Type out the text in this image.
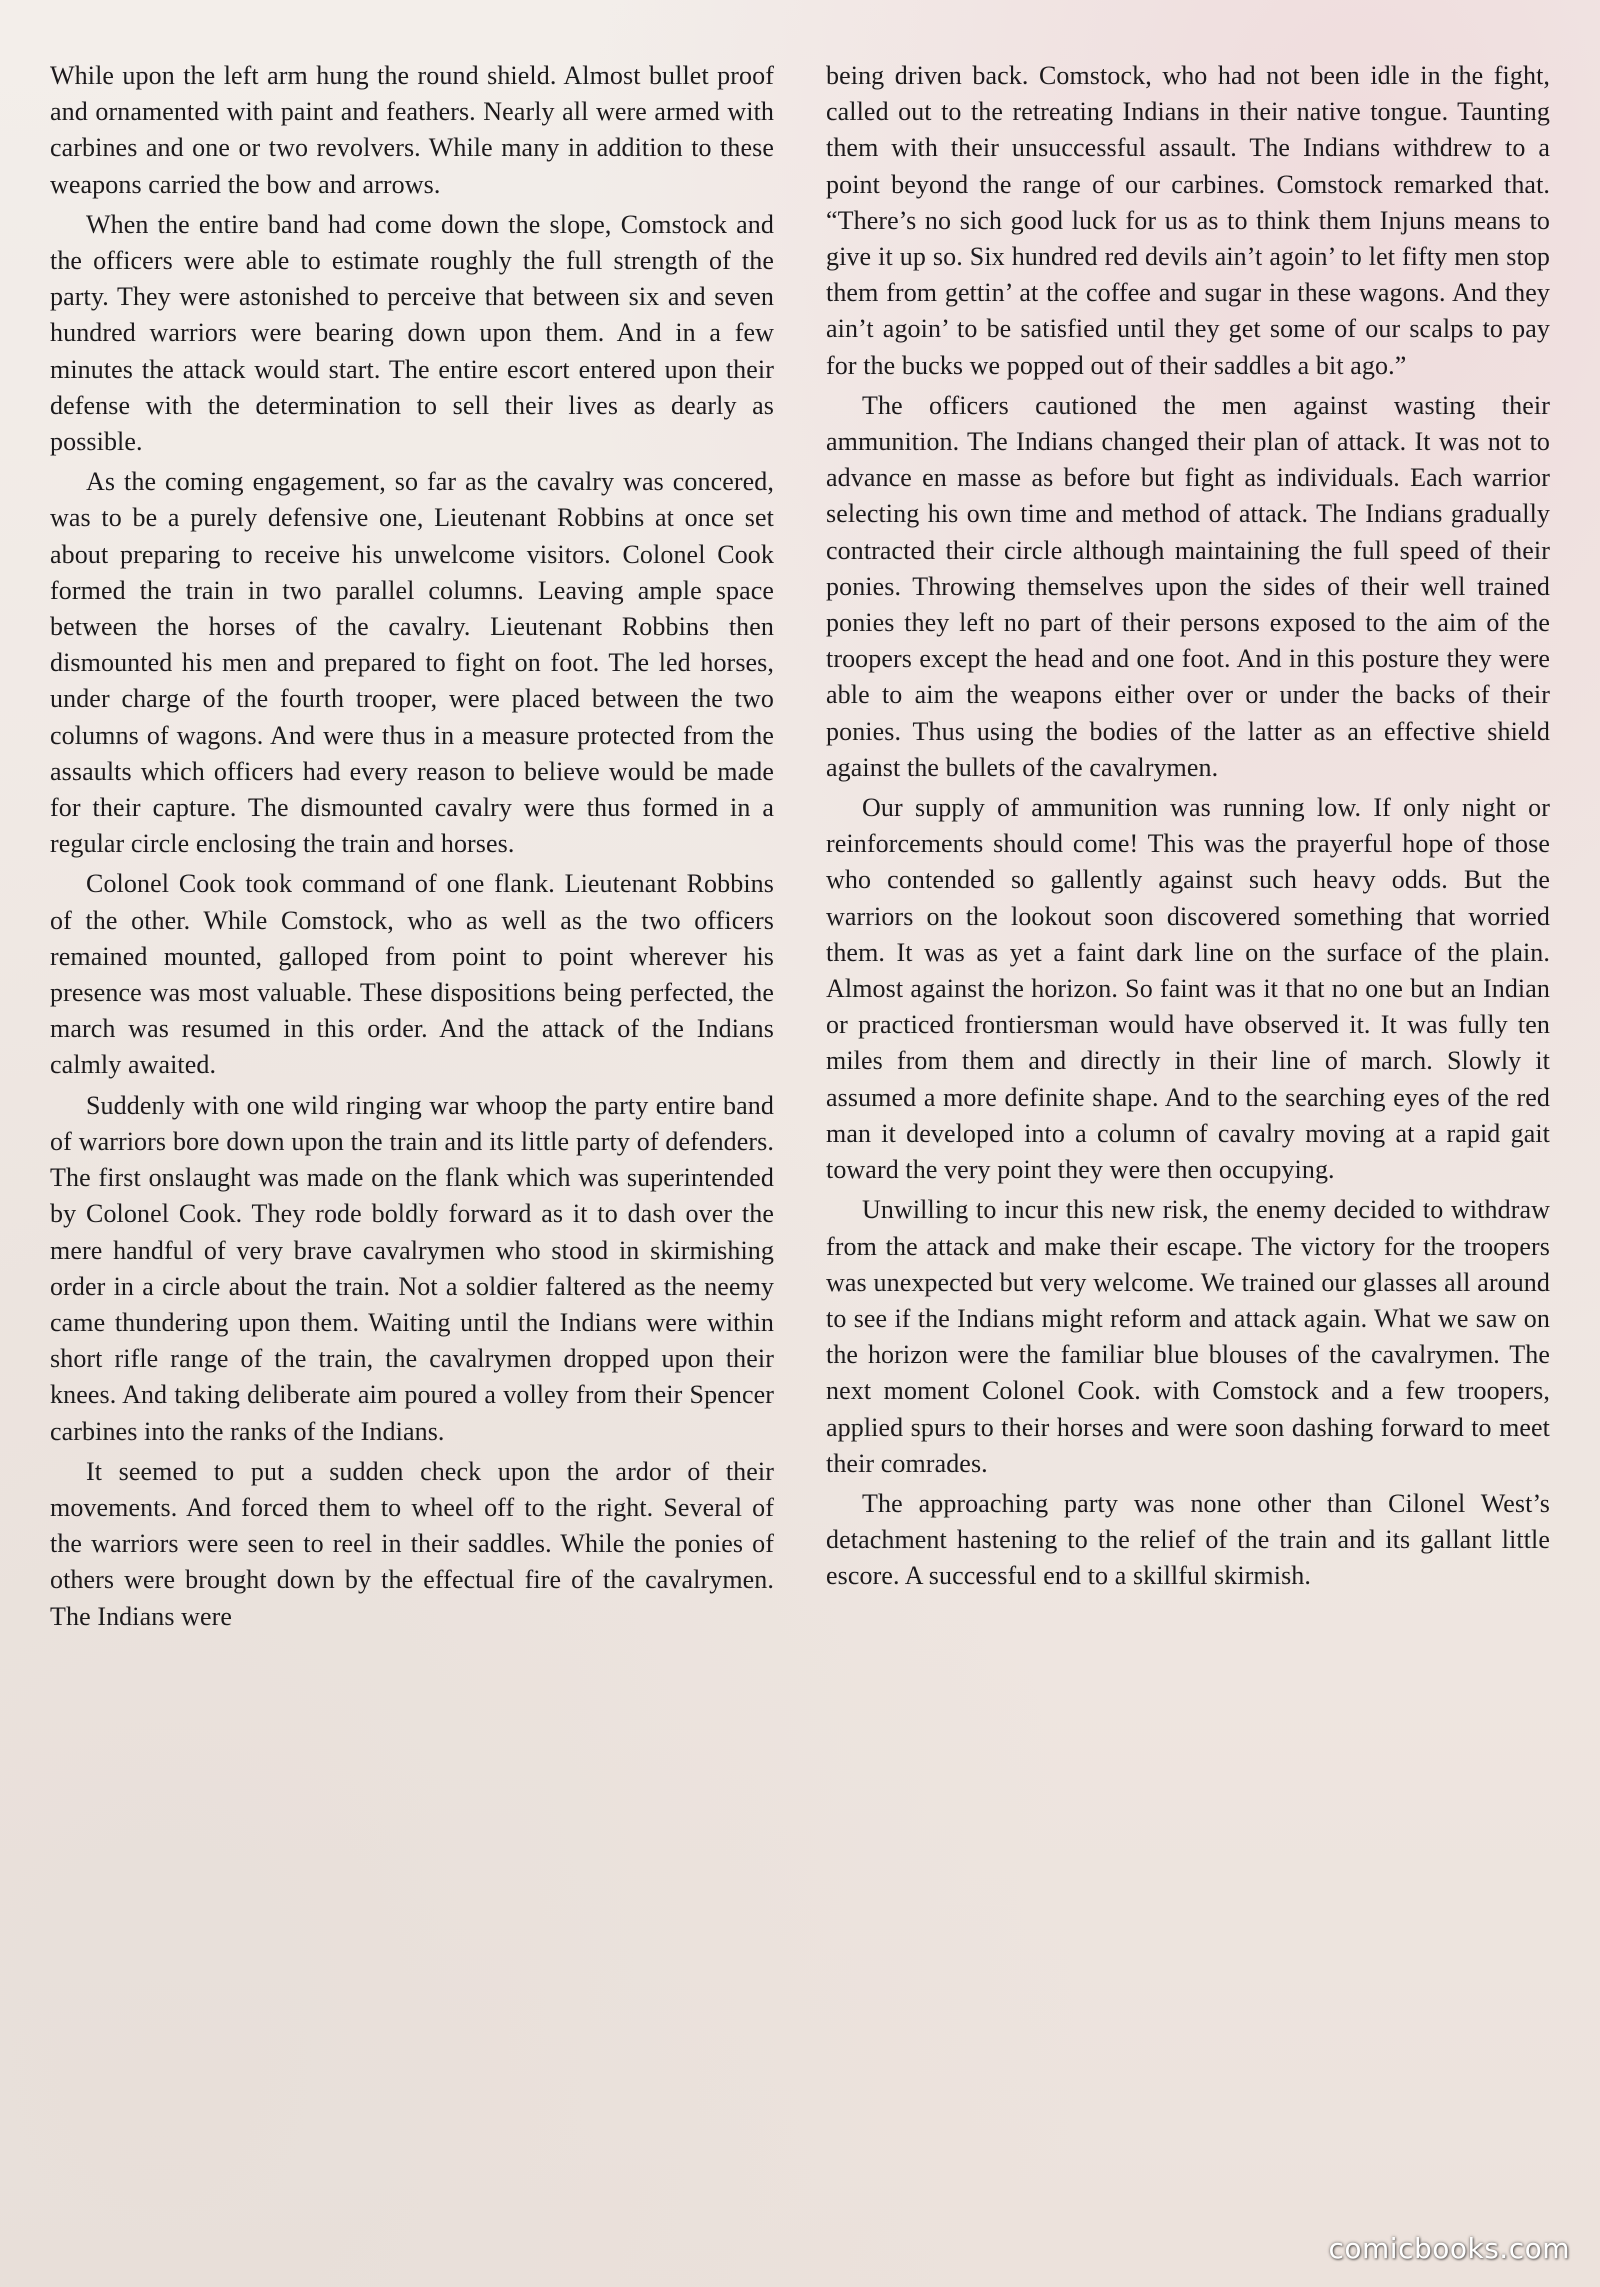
While upon the left arm hung the round shield. Almost bullet proof and ornamented with paint and feathers. Nearly all were armed with carbines and one or two revolvers. While many in addition to these weapons carried the bow and arrows.

When the entire band had come down the slope, Comstock and the officers were able to estimate roughly the full strength of the party. They were astonished to perceive that between six and seven hundred warriors were bearing down upon them. And in a few minutes the attack would start. The entire escort entered upon their defense with the determination to sell their lives as dearly as possible.

As the coming engagement, so far as the cavalry was concered, was to be a purely defensive one, Lieutenant Robbins at once set about preparing to receive his unwelcome visitors. Colonel Cook formed the train in two parallel columns. Leaving ample space between the horses of the cavalry. Lieutenant Robbins then dismounted his men and prepared to fight on foot. The led horses, under charge of the fourth trooper, were placed between the two columns of wagons. And were thus in a measure protected from the assaults which officers had every reason to believe would be made for their capture. The dismounted cavalry were thus formed in a regular circle enclosing the train and horses.

Colonel Cook took command of one flank. Lieutenant Robbins of the other. While Comstock, who as well as the two officers remained mounted, galloped from point to point wherever his presence was most valuable. These dispositions being perfected, the march was resumed in this order. And the attack of the Indians calmly awaited.

Suddenly with one wild ringing war whoop the party entire band of warriors bore down upon the train and its little party of defenders. The first onslaught was made on the flank which was superintended by Colonel Cook. They rode boldly forward as it to dash over the mere handful of very brave cavalrymen who stood in skirmishing order in a circle about the train. Not a soldier faltered as the neemy came thundering upon them. Waiting until the Indians were within short rifle range of the train, the cavalrymen dropped upon their knees. And taking deliberate aim poured a volley from their Spencer carbines into the ranks of the Indians.

It seemed to put a sudden check upon the ardor of their movements. And forced them to wheel off to the right. Several of the warriors were seen to reel in their saddles. While the ponies of others were brought down by the effectual fire of the cavalrymen. The Indians were

being driven back. Comstock, who had not been idle in the fight, called out to the retreating Indians in their native tongue. Taunting them with their unsuccessful assault. The Indians withdrew to a point beyond the range of our carbines. Comstock remarked that. “There’s no sich good luck for us as to think them Injuns means to give it up so. Six hundred red devils ain’t agoin’ to let fifty men stop them from gettin’ at the coffee and sugar in these wagons. And they ain’t agoin’ to be satisfied until they get some of our scalps to pay for the bucks we popped out of their saddles a bit ago.”

The officers cautioned the men against wasting their ammunition. The Indians changed their plan of attack. It was not to advance en masse as before but fight as individuals. Each warrior selecting his own time and method of attack. The Indians gradually contracted their circle although maintaining the full speed of their ponies. Throwing themselves upon the sides of their well trained ponies they left no part of their persons exposed to the aim of the troopers except the head and one foot. And in this posture they were able to aim the weapons either over or under the backs of their ponies. Thus using the bodies of the latter as an effective shield against the bullets of the cavalrymen.

Our supply of ammunition was running low. If only night or reinforcements should come! This was the prayerful hope of those who contended so gallently against such heavy odds. But the warriors on the lookout soon discovered something that worried them. It was as yet a faint dark line on the surface of the plain. Almost against the horizon. So faint was it that no one but an Indian or practiced frontiersman would have observed it. It was fully ten miles from them and directly in their line of march. Slowly it assumed a more definite shape. And to the searching eyes of the red man it developed into a column of cavalry moving at a rapid gait toward the very point they were then occupying.

Unwilling to incur this new risk, the enemy decided to withdraw from the attack and make their escape. The victory for the troopers was unexpected but very welcome. We trained our glasses all around to see if the Indians might reform and attack again. What we saw on the horizon were the familiar blue blouses of the cavalrymen. The next moment Colonel Cook. with Comstock and a few troopers, applied spurs to their horses and were soon dashing forward to meet their comrades.

The approaching party was none other than Cilonel West’s detachment hastening to the relief of the train and its gallant little escore. A successful end to a skillful skirmish.

comicbooks.com
